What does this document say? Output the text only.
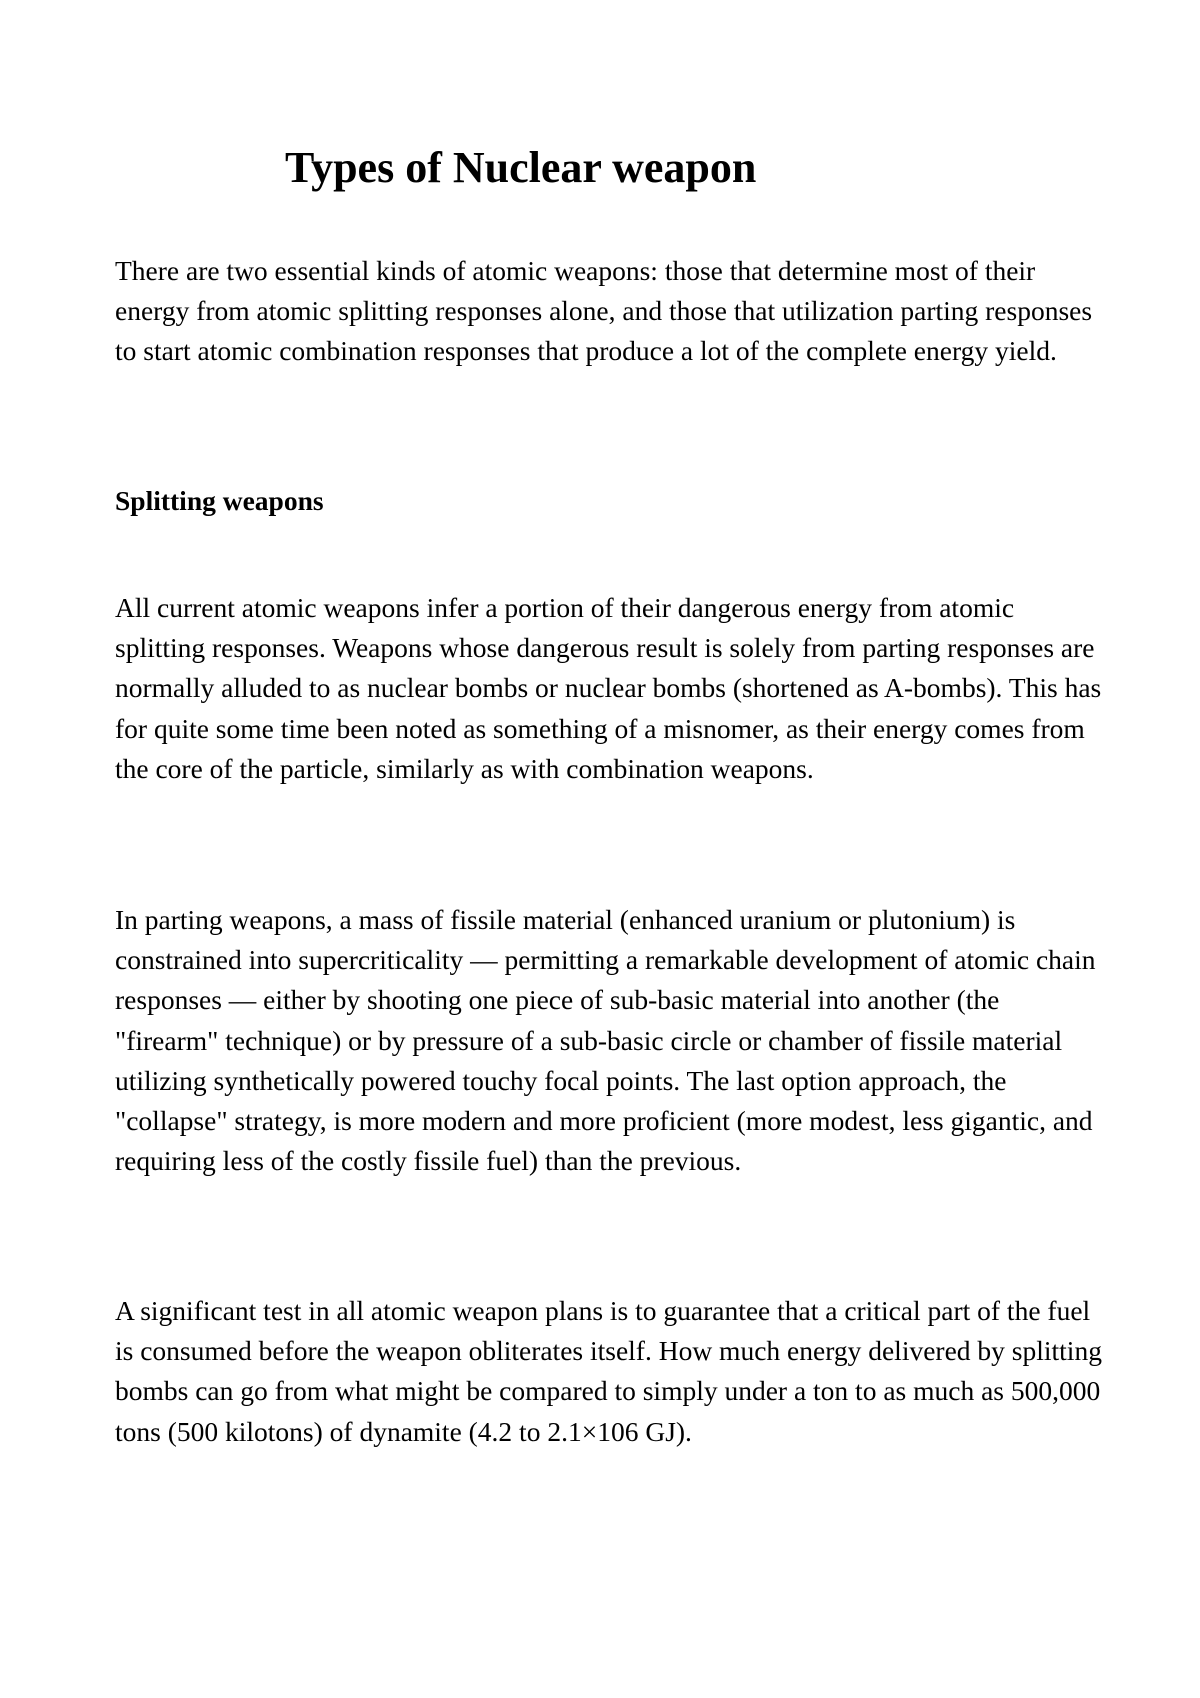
Types of Nuclear weapon

There are two essential kinds of atomic weapons: those that determine most of their energy from atomic splitting responses alone, and those that utilization parting responses to start atomic combination responses that produce a lot of the complete energy yield.

Splitting weapons

All current atomic weapons infer a portion of their dangerous energy from atomic splitting responses. Weapons whose dangerous result is solely from parting responses are normally alluded to as nuclear bombs or nuclear bombs (shortened as A-bombs). This has for quite some time been noted as something of a misnomer, as their energy comes from the core of the particle, similarly as with combination weapons.

In parting weapons, a mass of fissile material (enhanced uranium or plutonium) is constrained into supercriticality — permitting a remarkable development of atomic chain responses — either by shooting one piece of sub-basic material into another (the "firearm" technique) or by pressure of a sub-basic circle or chamber of fissile material utilizing synthetically powered touchy focal points. The last option approach, the "collapse" strategy, is more modern and more proficient (more modest, less gigantic, and requiring less of the costly fissile fuel) than the previous.

A significant test in all atomic weapon plans is to guarantee that a critical part of the fuel is consumed before the weapon obliterates itself. How much energy delivered by splitting bombs can go from what might be compared to simply under a ton to as much as 500,000 tons (500 kilotons) of dynamite (4.2 to 2.1×106 GJ).
